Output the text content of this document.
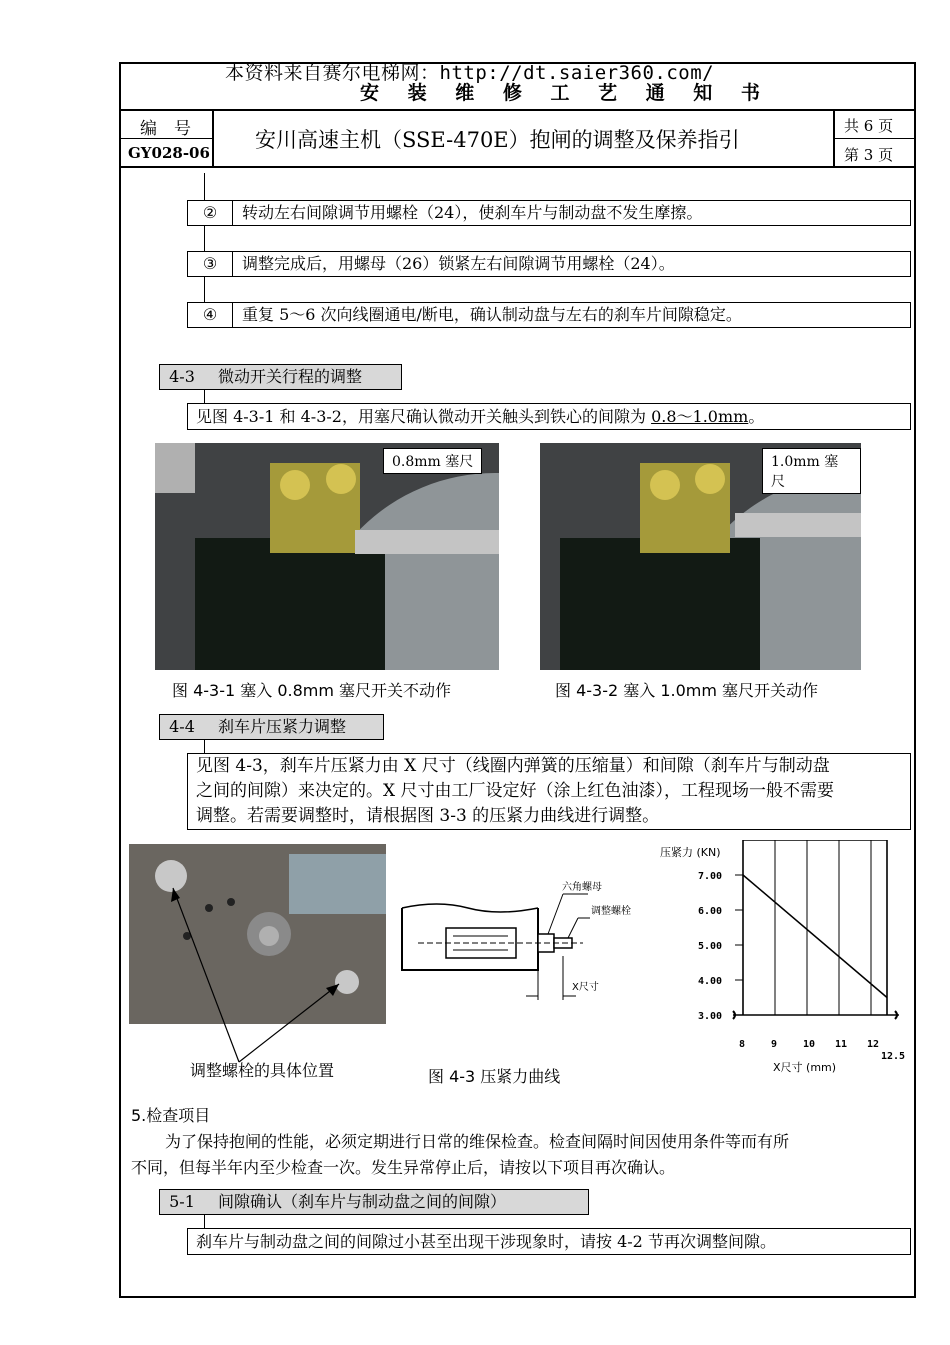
本资料来自赛尔电梯网：http://dt.saier360.com/
安 装 维 修 工 艺 通 知 书
编　号
GY028-06
安川高速主机（SSE-470E）抱闸的调整及保养指引
共 6 页
第 3 页
②	转动左右间隙调节用螺栓（24），使刹车片与制动盘不发生摩擦。
③	调整完成后，用螺母（26）锁紧左右间隙调节用螺栓（24）。
④	重复 5～6 次向线圈通电/断电，确认制动盘与左右的刹车片间隙稳定。
4-3	微动开关行程的调整
见图 4-3-1 和 4-3-2，用塞尺确认微动开关触头到铁心的间隙为 0.8～1.0mm。
0.8mm 塞尺	1.0mm 塞尺
图 4-3-1 塞入 0.8mm 塞尺开关不动作	图 4-3-2 塞入 1.0mm 塞尺开关动作
4-4	刹车片压紧力调整
见图 4-3，刹车片压紧力由 X 尺寸（线圈内弹簧的压缩量）和间隙（刹车片与制动盘
之间的间隙）来决定的。X 尺寸由工厂设定好（涂上红色油漆），工程现场一般不需要
调整。若需要调整时，请根据图 3-3 的压紧力曲线进行调整。
调整螺栓的具体位置
六角螺母
调整螺栓
X尺寸
图 4-3 压紧力曲线
压紧力 (KN)
X尺寸 (mm)
8	9	10 11 12
12.5
7.00
6.00
5.00
4.00
3.00
5.检查项目
为了保持抱闸的性能，必须定期进行日常的维保检查。检查间隔时间因使用条件等而有所
不同，但每半年内至少检查一次。发生异常停止后，请按以下项目再次确认。
5-1	间隙确认（刹车片与制动盘之间的间隙）
刹车片与制动盘之间的间隙过小甚至出现干涉现象时，请按 4-2 节再次调整间隙。
